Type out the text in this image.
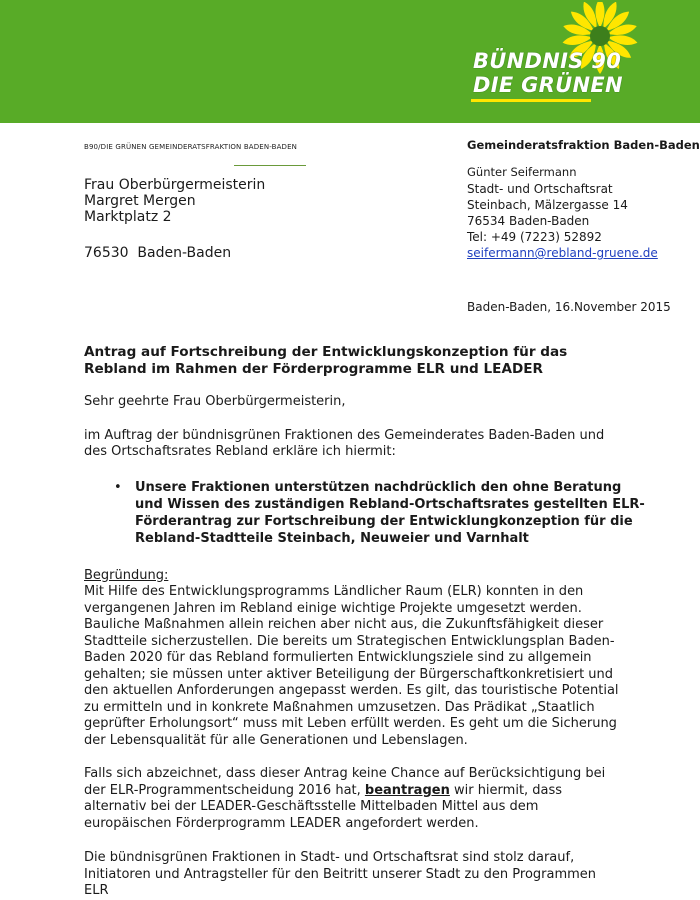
BÜNDNIS 90
DIE GRÜNEN
B90/DIE GRÜNEN GEMEINDERATSFRAKTION BADEN-BADEN
Frau Oberbürgermeisterin
Margret Mergen
Marktplatz 2
76530  Baden-Baden
Gemeinderatsfraktion Baden-Baden
Günter Seifermann
Stadt- und Ortschaftsrat
Steinbach, Mälzergasse 14
76534 Baden-Baden
Tel: +49 (7223) 52892
seifermann@rebland-gruene.de
Baden-Baden, 16.November 2015
Antrag auf Fortschreibung der Entwicklungskonzeption für das Rebland im Rahmen der Förderprogramme ELR und LEADER
Sehr geehrte Frau Oberbürgermeisterin,
im Auftrag der bündnisgrünen Fraktionen des Gemeinderates Baden-Baden und des Ortschaftsrates Rebland erkläre ich hiermit:
• Unsere Fraktionen unterstützen nachdrücklich den ohne Beratung und Wissen des zuständigen Rebland-Ortschaftsrates gestellten ELR-Förderantrag zur Fortschreibung der Entwicklungkonzeption für die Rebland-Stadtteile Steinbach, Neuweier und Varnhalt
Begründung:
Mit Hilfe des Entwicklungsprogramms Ländlicher Raum (ELR) konnten in den vergangenen Jahren im Rebland einige wichtige Projekte umgesetzt werden. Bauliche Maßnahmen allein reichen aber nicht aus, die Zukunftsfähigkeit dieser Stadtteile sicherzustellen. Die bereits um Strategischen Entwicklungsplan Baden-Baden 2020 für das Rebland formulierten Entwicklungsziele sind zu allgemein gehalten; sie müssen unter aktiver Beteiligung der Bürgerschaftkonkretisiert und den aktuellen Anforderungen angepasst werden. Es gilt, das touristische Potential zu ermitteln und in konkrete Maßnahmen umzusetzen. Das Prädikat „Staatlich geprüfter Erholungsort“ muss mit Leben erfüllt werden. Es geht um die Sicherung der Lebensqualität für alle Generationen und Lebenslagen.
Falls sich abzeichnet, dass dieser Antrag keine Chance auf Berücksichtigung bei der ELR-Programmentscheidung 2016 hat, beantragen wir hiermit, dass alternativ bei der LEADER-Geschäftsstelle Mittelbaden Mittel aus dem europäischen Förderprogramm LEADER angefordert werden.
Die bündnisgrünen Fraktionen in Stadt- und Ortschaftsrat sind stolz darauf, Initiatoren und Antragsteller für den Beitritt unserer Stadt zu den Programmen ELR
